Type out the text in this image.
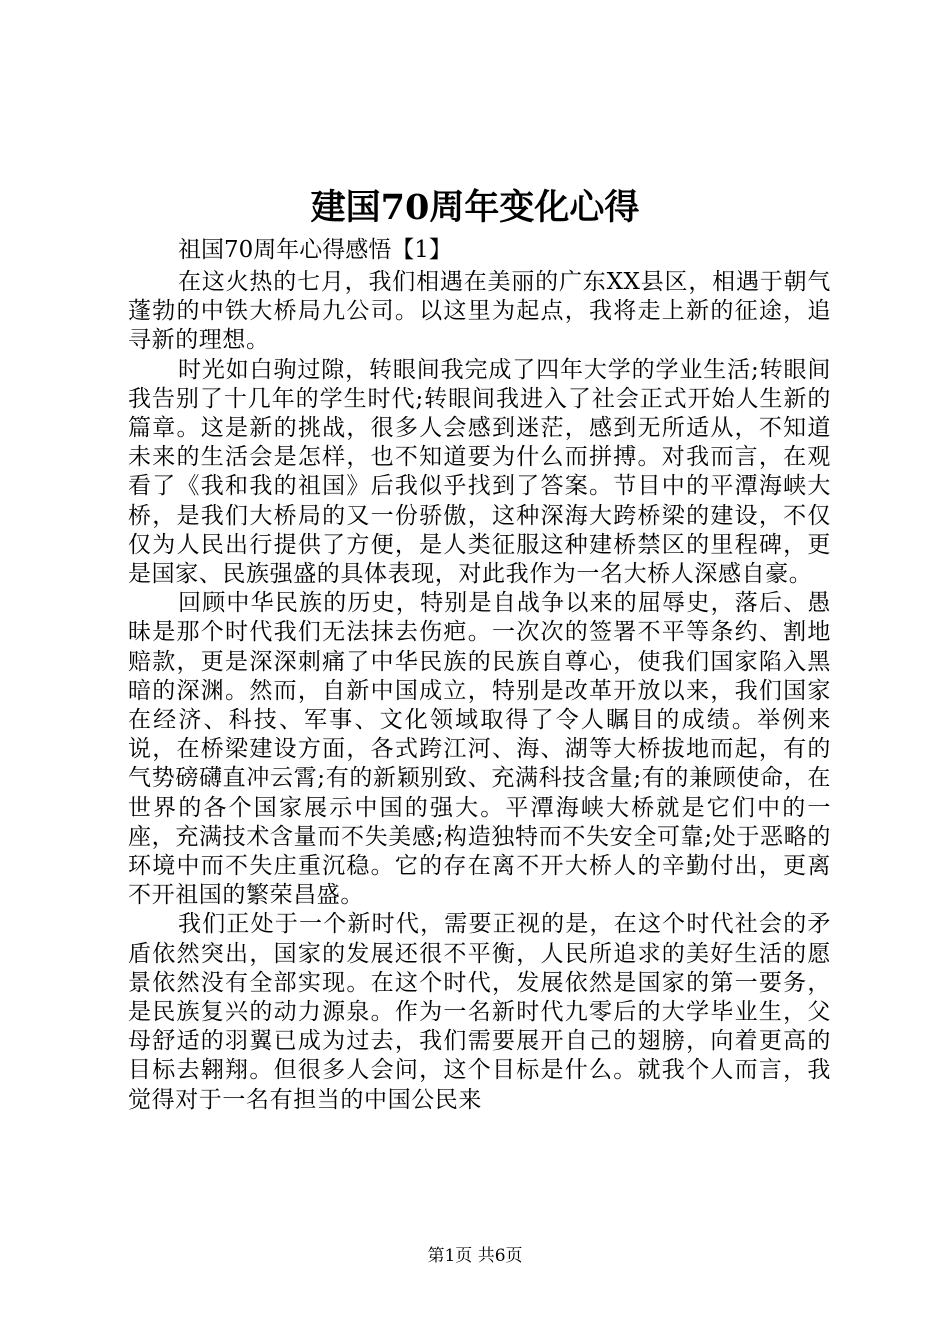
建国70周年变化心得

祖国70周年心得感悟【1】

在这火热的七月，我们相遇在美丽的广东XX县区，相遇于朝气蓬勃的中铁大桥局九公司。以这里为起点，我将走上新的征途，追寻新的理想。

时光如白驹过隙，转眼间我完成了四年大学的学业生活;转眼间我告别了十几年的学生时代;转眼间我进入了社会正式开始人生新的篇章。这是新的挑战，很多人会感到迷茫，感到无所适从，不知道未来的生活会是怎样，也不知道要为什么而拼搏。对我而言，在观看了《我和我的祖国》后我似乎找到了答案。节目中的平潭海峡大桥，是我们大桥局的又一份骄傲，这种深海大跨桥梁的建设，不仅仅为人民出行提供了方便，是人类征服这种建桥禁区的里程碑，更是国家、民族强盛的具体表现，对此我作为一名大桥人深感自豪。

回顾中华民族的历史，特别是自战争以来的屈辱史，落后、愚昧是那个时代我们无法抹去伤疤。一次次的签署不平等条约、割地赔款，更是深深刺痛了中华民族的民族自尊心，使我们国家陷入黑暗的深渊。然而，自新中国成立，特别是改革开放以来，我们国家在经济、科技、军事、文化领域取得了令人瞩目的成绩。举例来说，在桥梁建设方面，各式跨江河、海、湖等大桥拔地而起，有的气势磅礴直冲云霄;有的新颖别致、充满科技含量;有的兼顾使命，在世界的各个国家展示中国的强大。平潭海峡大桥就是它们中的一座，充满技术含量而不失美感;构造独特而不失安全可靠;处于恶略的环境中而不失庄重沉稳。它的存在离不开大桥人的辛勤付出，更离不开祖国的繁荣昌盛。

我们正处于一个新时代，需要正视的是，在这个时代社会的矛盾依然突出，国家的发展还很不平衡，人民所追求的美好生活的愿景依然没有全部实现。在这个时代，发展依然是国家的第一要务，是民族复兴的动力源泉。作为一名新时代九零后的大学毕业生，父母舒适的羽翼已成为过去，我们需要展开自己的翅膀，向着更高的目标去翱翔。但很多人会问，这个目标是什么。就我个人而言，我觉得对于一名有担当的中国公民来

第1页 共6页
